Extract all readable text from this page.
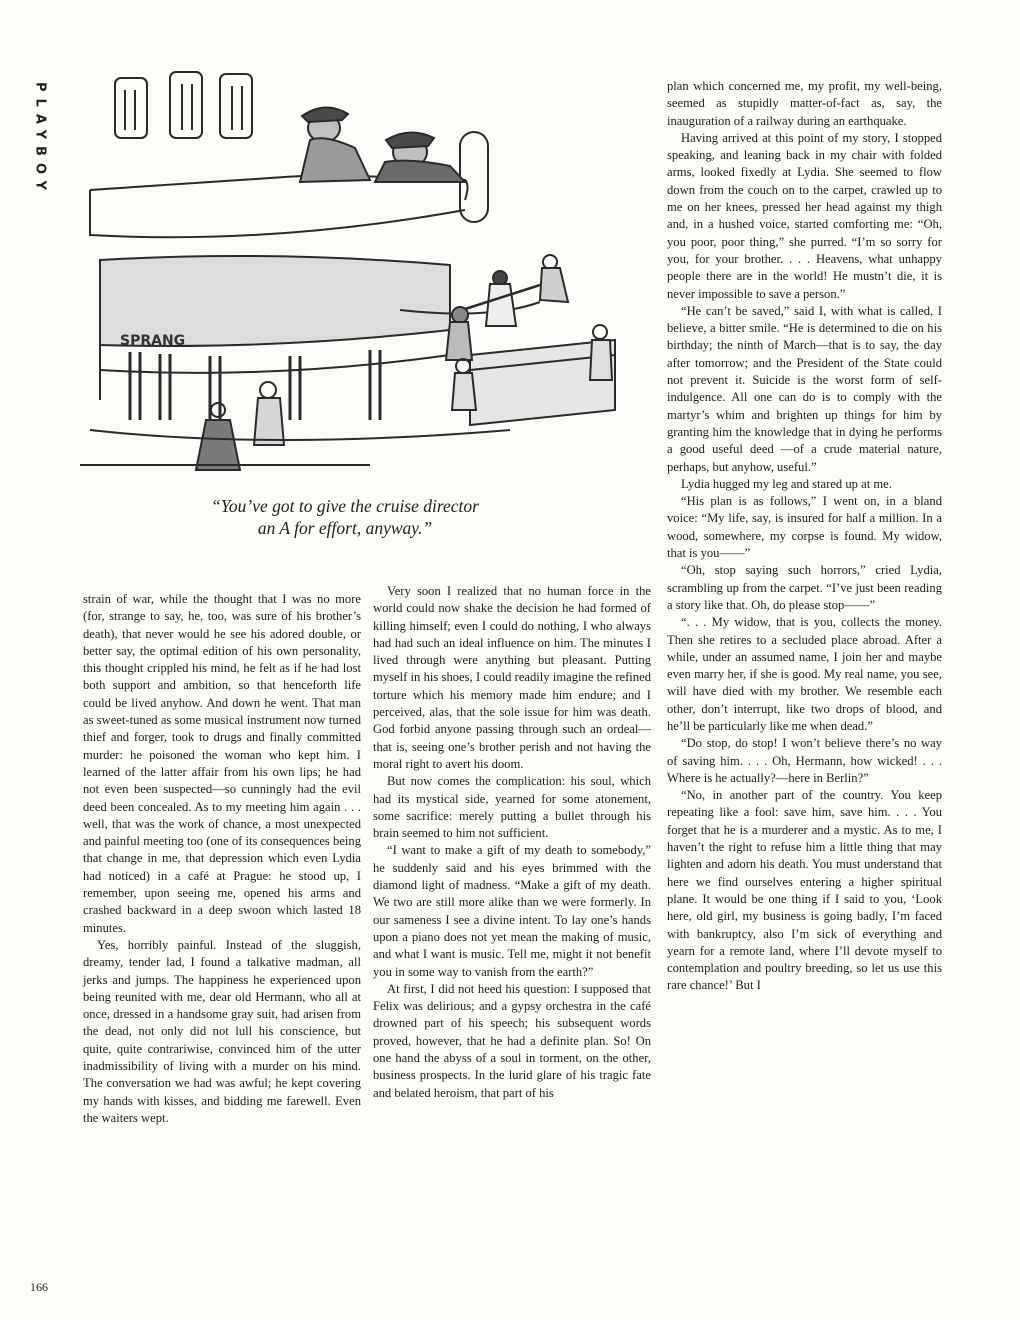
PLAYBOY
SPRANG
“You’ve got to give the cruise director
an A for effort, anyway.”

strain of war, while the thought that I was no more (for, strange to say, he, too, was sure of his brother’s death), that never would he see his adored double, or better say, the optimal edition of his own personality, this thought crippled his mind, he felt as if he had lost both support and ambition, so that henceforth life could be lived anyhow. And down he went. That man as sweet-tuned as some musical instrument now turned thief and forger, took to drugs and finally committed murder: he poisoned the woman who kept him. I learned of the latter affair from his own lips; he had not even been suspected—so cunningly had the evil deed been concealed. As to my meeting him again . . . well, that was the work of chance, a most unexpected and painful meeting too (one of its consequences being that change in me, that depression which even Lydia had noticed) in a café at Prague: he stood up, I remember, upon seeing me, opened his arms and crashed backward in a deep swoon which lasted 18 minutes.

Yes, horribly painful. Instead of the sluggish, dreamy, tender lad, I found a talkative madman, all jerks and jumps. The happiness he experienced upon being reunited with me, dear old Hermann, who all at once, dressed in a handsome gray suit, had arisen from the dead, not only did not lull his conscience, but quite, quite contrariwise, convinced him of the utter inadmissibility of living with a murder on his mind. The conversation we had was awful; he kept covering my hands with kisses, and bidding me farewell. Even the waiters wept.

Very soon I realized that no human force in the world could now shake the decision he had formed of killing himself; even I could do nothing, I who always had had such an ideal influence on him. The minutes I lived through were anything but pleasant. Putting myself in his shoes, I could readily imagine the refined torture which his memory made him endure; and I perceived, alas, that the sole issue for him was death. God forbid anyone passing through such an ordeal—that is, seeing one’s brother perish and not having the moral right to avert his doom.

But now comes the complication: his soul, which had its mystical side, yearned for some atonement, some sacrifice: merely putting a bullet through his brain seemed to him not sufficient.

“I want to make a gift of my death to somebody,” he suddenly said and his eyes brimmed with the diamond light of madness. “Make a gift of my death. We two are still more alike than we were formerly. In our sameness I see a divine intent. To lay one’s hands upon a piano does not yet mean the making of music, and what I want is music. Tell me, might it not benefit you in some way to vanish from the earth?”

At first, I did not heed his question: I supposed that Felix was delirious; and a gypsy orchestra in the café drowned part of his speech; his subsequent words proved, however, that he had a definite plan. So! On one hand the abyss of a soul in torment, on the other, business prospects. In the lurid glare of his tragic fate and belated heroism, that part of his

plan which concerned me, my profit, my well-being, seemed as stupidly matter-of-fact as, say, the inauguration of a railway during an earthquake.

Having arrived at this point of my story, I stopped speaking, and leaning back in my chair with folded arms, looked fixedly at Lydia. She seemed to flow down from the couch on to the carpet, crawled up to me on her knees, pressed her head against my thigh and, in a hushed voice, started comforting me: “Oh, you poor, poor thing,” she purred. “I’m so sorry for you, for your brother. . . . Heavens, what unhappy people there are in the world! He mustn’t die, it is never impossible to save a person.”

“He can’t be saved,” said I, with what is called, I believe, a bitter smile. “He is determined to die on his birthday; the ninth of March—that is to say, the day after tomorrow; and the President of the State could not prevent it. Suicide is the worst form of self-indulgence. All one can do is to comply with the martyr’s whim and brighten up things for him by granting him the knowledge that in dying he performs a good useful deed —of a crude material nature, perhaps, but anyhow, useful.”

Lydia hugged my leg and stared up at me.

“His plan is as follows,” I went on, in a bland voice: “My life, say, is insured for half a million. In a wood, somewhere, my corpse is found. My widow, that is you——”

“Oh, stop saying such horrors,” cried Lydia, scrambling up from the carpet. “I’ve just been reading a story like that. Oh, do please stop——”

“. . . My widow, that is you, collects the money. Then she retires to a secluded place abroad. After a while, under an assumed name, I join her and maybe even marry her, if she is good. My real name, you see, will have died with my brother. We resemble each other, don’t interrupt, like two drops of blood, and he’ll be particularly like me when dead.”

“Do stop, do stop! I won’t believe there’s no way of saving him. . . . Oh, Hermann, how wicked! . . . Where is he actually?—here in Berlin?”

“No, in another part of the country. You keep repeating like a fool: save him, save him. . . . You forget that he is a murderer and a mystic. As to me, I haven’t the right to refuse him a little thing that may lighten and adorn his death. You must understand that here we find ourselves entering a higher spiritual plane. It would be one thing if I said to you, ‘Look here, old girl, my business is going badly, I’m faced with bankruptcy, also I’m sick of everything and yearn for a remote land, where I’ll devote myself to contemplation and poultry breeding, so let us use this rare chance!’ But I

166
